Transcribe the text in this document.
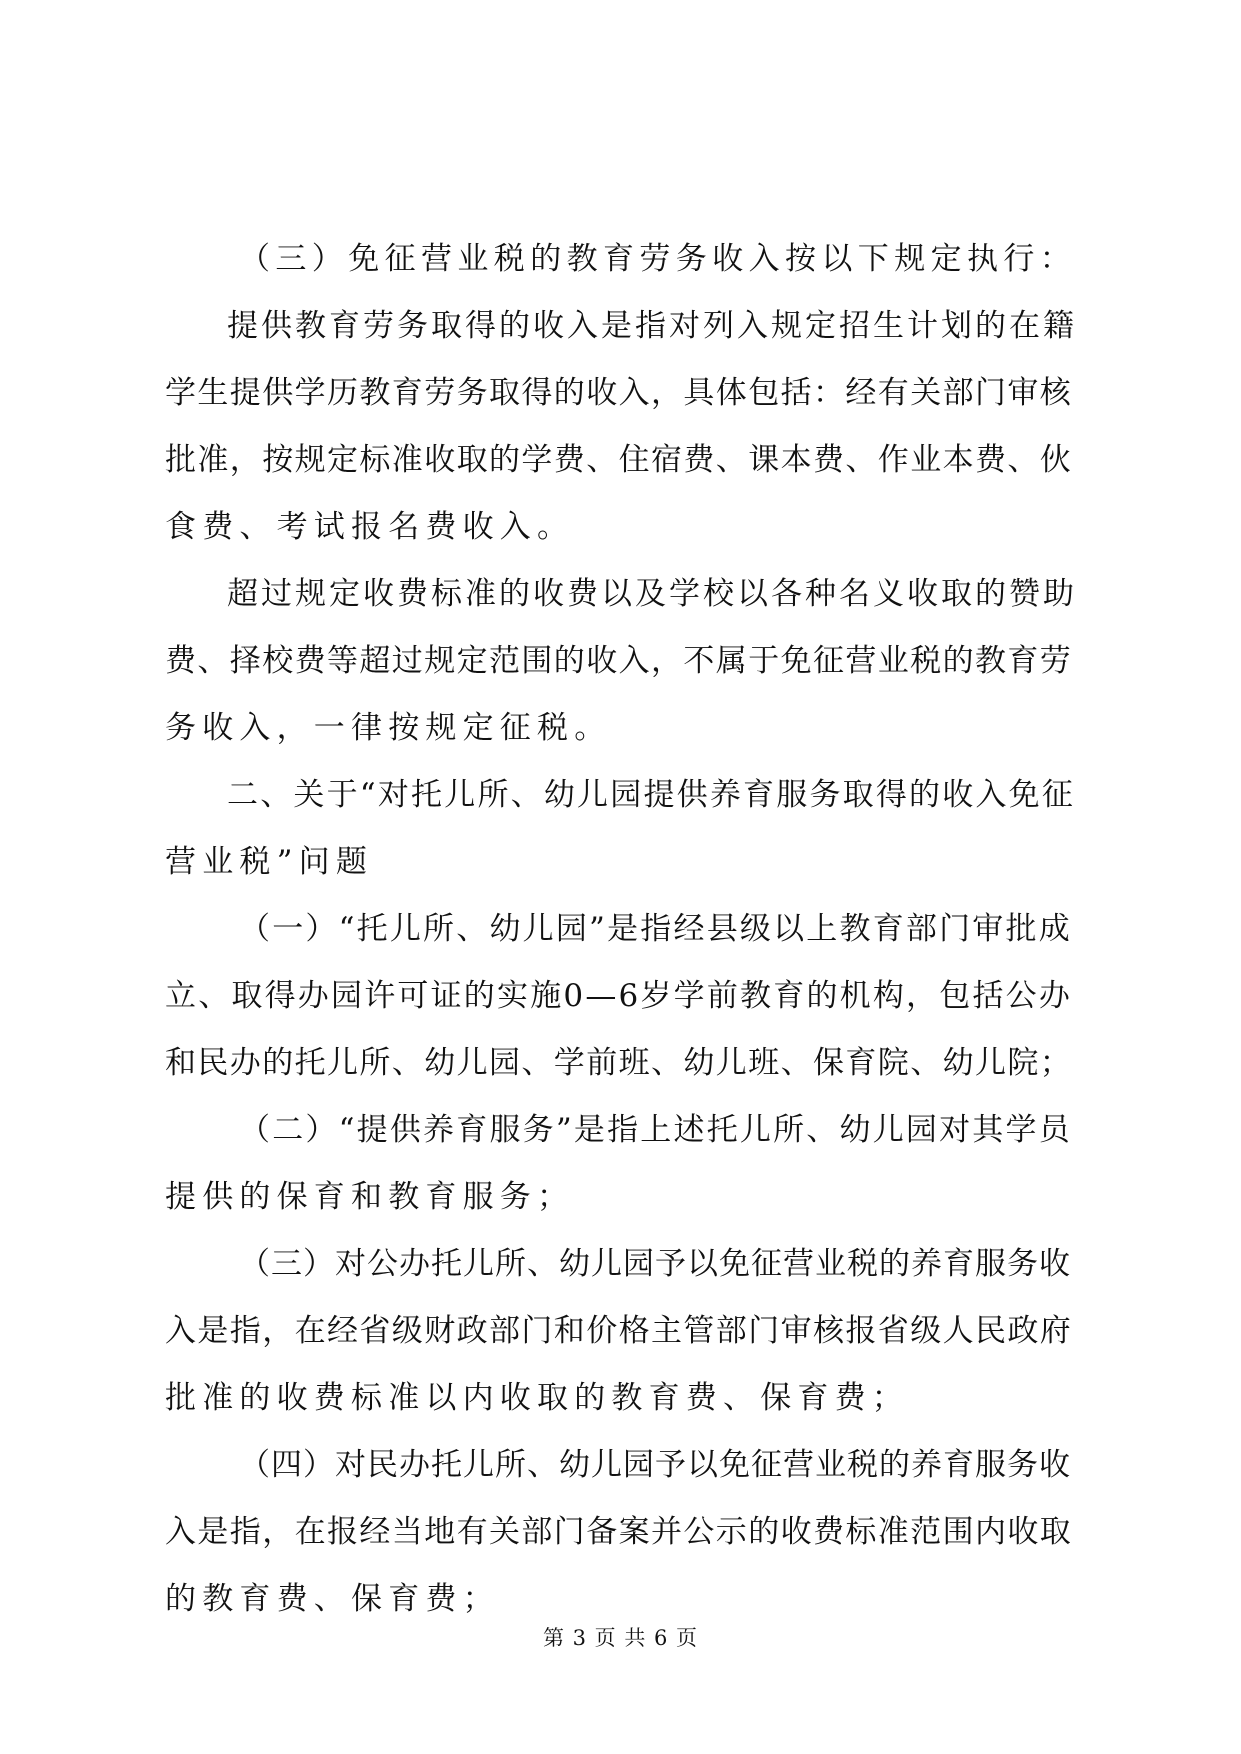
（三）免征营业税的教育劳务收入按以下规定执行：

提供教育劳务取得的收入是指对列入规定招生计划的在籍
学生提供学历教育劳务取得的收入，具体包括：经有关部门审核
批准，按规定标准收取的学费、住宿费、课本费、作业本费、伙
食费、考试报名费收入。

超过规定收费标准的收费以及学校以各种名义收取的赞助
费、择校费等超过规定范围的收入，不属于免征营业税的教育劳
务收入，一律按规定征税。

二、关于“对托儿所、幼儿园提供养育服务取得的收入免征
营业税”问题

（一）“托儿所、幼儿园”是指经县级以上教育部门审批成
立、取得办园许可证的实施0—6岁学前教育的机构，包括公办
和民办的托儿所、幼儿园、学前班、幼儿班、保育院、幼儿院；

（二）“提供养育服务”是指上述托儿所、幼儿园对其学员
提供的保育和教育服务；

（三）对公办托儿所、幼儿园予以免征营业税的养育服务收
入是指，在经省级财政部门和价格主管部门审核报省级人民政府
批准的收费标准以内收取的教育费、保育费；

（四）对民办托儿所、幼儿园予以免征营业税的养育服务收
入是指，在报经当地有关部门备案并公示的收费标准范围内收取
的教育费、保育费；

第 3 页 共 6 页
